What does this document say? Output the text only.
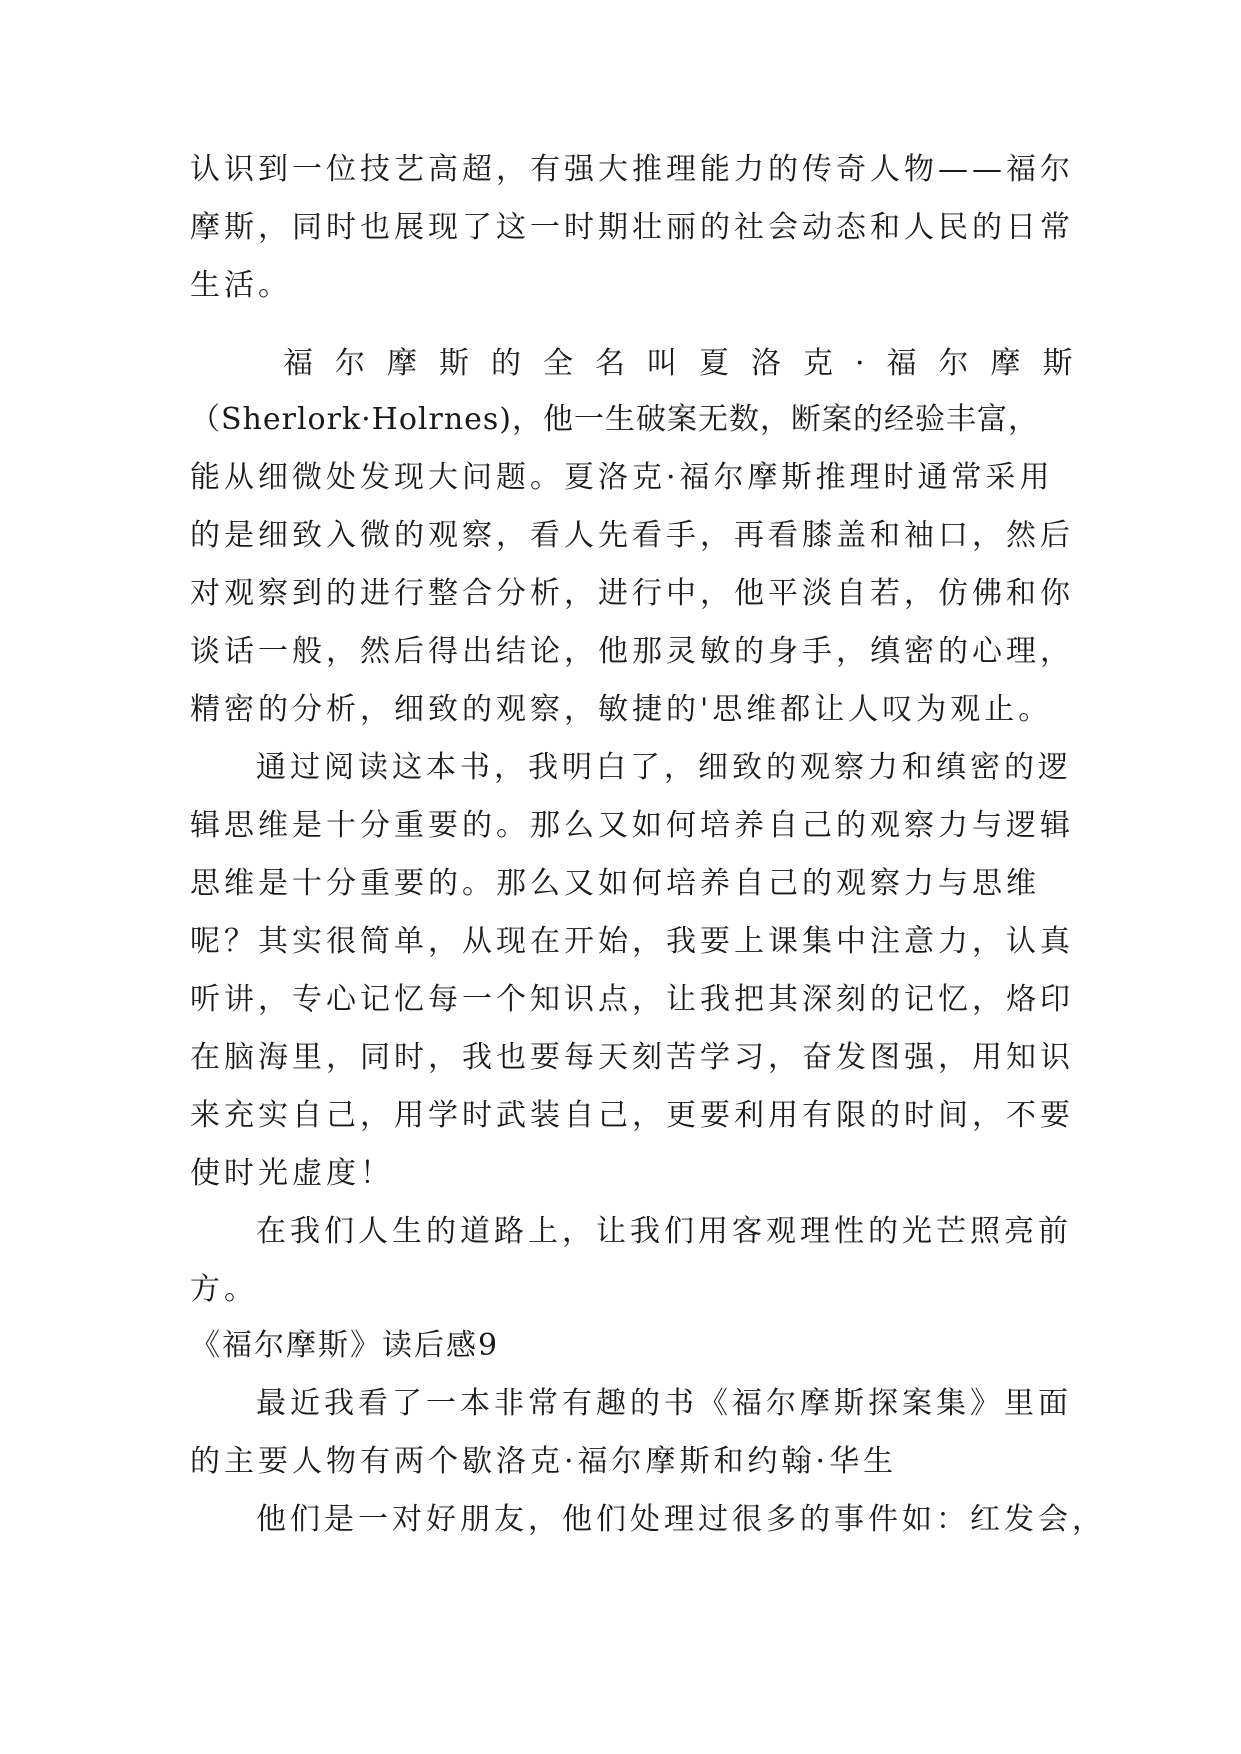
认识到一位技艺高超，有强大推理能力的传奇人物——福尔
摩斯，同时也展现了这一时期壮丽的社会动态和人民的日常
生活。
福尔摩斯的全名叫夏洛克·福尔摩斯
（Sherlork·Holrnes)，他一生破案无数，断案的经验丰富，
能从细微处发现大问题。夏洛克·福尔摩斯推理时通常采用
的是细致入微的观察，看人先看手，再看膝盖和袖口，然后
对观察到的进行整合分析，进行中，他平淡自若，仿佛和你
谈话一般，然后得出结论，他那灵敏的身手，缜密的心理，
精密的分析，细致的观察，敏捷的'思维都让人叹为观止。
通过阅读这本书，我明白了，细致的观察力和缜密的逻
辑思维是十分重要的。那么又如何培养自己的观察力与逻辑
思维是十分重要的。那么又如何培养自己的观察力与思维
呢？其实很简单，从现在开始，我要上课集中注意力，认真
听讲，专心记忆每一个知识点，让我把其深刻的记忆，烙印
在脑海里，同时，我也要每天刻苦学习，奋发图强，用知识
来充实自己，用学时武装自己，更要利用有限的时间，不要
使时光虚度！
在我们人生的道路上，让我们用客观理性的光芒照亮前
方。
《福尔摩斯》读后感9
最近我看了一本非常有趣的书《福尔摩斯探案集》里面
的主要人物有两个歇洛克·福尔摩斯和约翰·华生
他们是一对好朋友，他们处理过很多的事件如：红发会，
